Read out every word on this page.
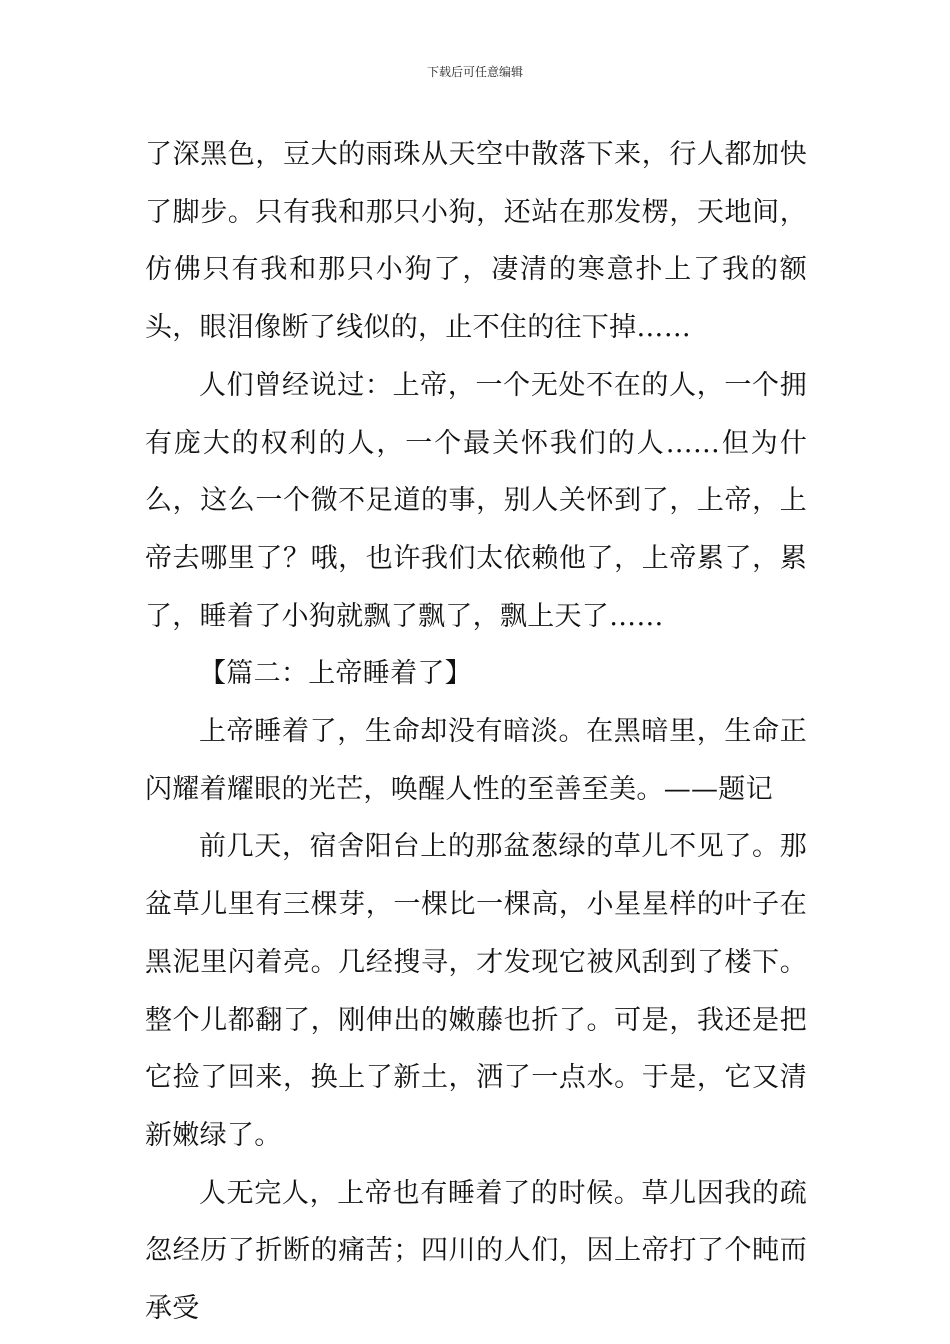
下载后可任意编辑

了深黑色，豆大的雨珠从天空中散落下来，行人都加快了脚步。只有我和那只小狗，还站在那发楞，天地间，仿佛只有我和那只小狗了，凄清的寒意扑上了我的额头，眼泪像断了线似的，止不住的往下掉……

人们曾经说过：上帝，一个无处不在的人，一个拥有庞大的权利的人，一个最关怀我们的人……但为什么，这么一个微不足道的事，别人关怀到了，上帝，上帝去哪里了？哦，也许我们太依赖他了，上帝累了，累了，睡着了小狗就飘了飘了，飘上天了……

【篇二：上帝睡着了】

上帝睡着了，生命却没有暗淡。在黑暗里，生命正闪耀着耀眼的光芒，唤醒人性的至善至美。——题记

前几天，宿舍阳台上的那盆葱绿的草儿不见了。那盆草儿里有三棵芽，一棵比一棵高，小星星样的叶子在黑泥里闪着亮。几经搜寻，才发现它被风刮到了楼下。整个儿都翻了，刚伸出的嫩藤也折了。可是，我还是把它捡了回来，换上了新土，洒了一点水。于是，它又清新嫩绿了。

人无完人，上帝也有睡着了的时候。草儿因我的疏忽经历了折断的痛苦；四川的人们，因上帝打了个盹而承受
